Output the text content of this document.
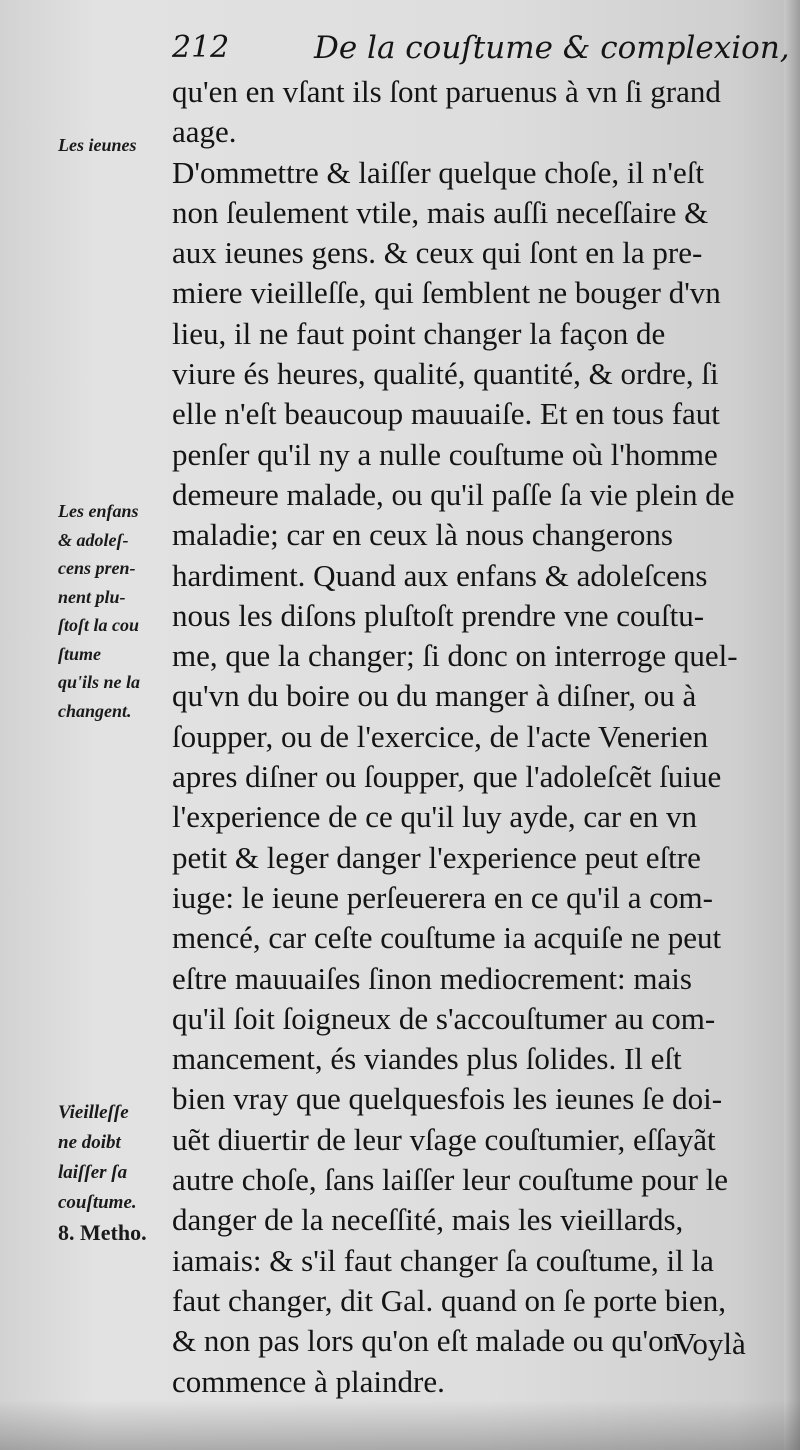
212	De la couſtume & complexion,
qu'en en vſant ils ſont paruenus à vn ſi grand
aage.
D'ommettre & laiſſer quelque choſe, il n'eſt
non ſeulement vtile, mais auſſi neceſſaire &
aux ieunes gens. & ceux qui ſont en la pre-
miere vieilleſſe, qui ſemblent ne bouger d'vn
lieu, il ne faut point changer la façon de
viure és heures, qualité, quantité, & ordre, ſi
elle n'eſt beaucoup mauuaiſe. Et en tous faut
penſer qu'il ny a nulle couſtume où l'homme
demeure malade, ou qu'il paſſe ſa vie plein de
maladie; car en ceux là nous changerons
hardiment. Quand aux enfans & adoleſcens
nous les diſons pluſtoſt prendre vne couſtu-
me, que la changer; ſi donc on interroge quel-
qu'vn du boire ou du manger à diſner, ou à
ſoupper, ou de l'exercice, de l'acte Venerien
apres diſner ou ſoupper, que l'adoleſcẽt ſuiue
l'experience de ce qu'il luy ayde, car en vn
petit & leger danger l'experience peut eſtre
iuge: le ieune perſeuerera en ce qu'il a com-
mencé, car ceſte couſtume ia acquiſe ne peut
eſtre mauuaiſes ſinon mediocrement: mais
qu'il ſoit ſoigneux de s'accouſtumer au com-
mancement, és viandes plus ſolides. Il eſt
bien vray que quelquesfois les ieunes ſe doi-
uẽt diuertir de leur vſage couſtumier, eſſayãt
autre choſe, ſans laiſſer leur couſtume pour le
danger de la neceſſité, mais les vieillards,
iamais: & s'il faut changer ſa couſtume, il la
faut changer, dit Gal. quand on ſe porte bien,
& non pas lors qu'on eſt malade ou qu'on
commence à plaindre.
Les ieunes
Les enfans
& adoleſ-
cens pren-
nent plu-
ſtoſt la cou
ſtume
qu'ils ne la
changent.
Vieilleſſe
ne doibt
laiſſer ſa
couſtume.
8. Metho.
Voylà
